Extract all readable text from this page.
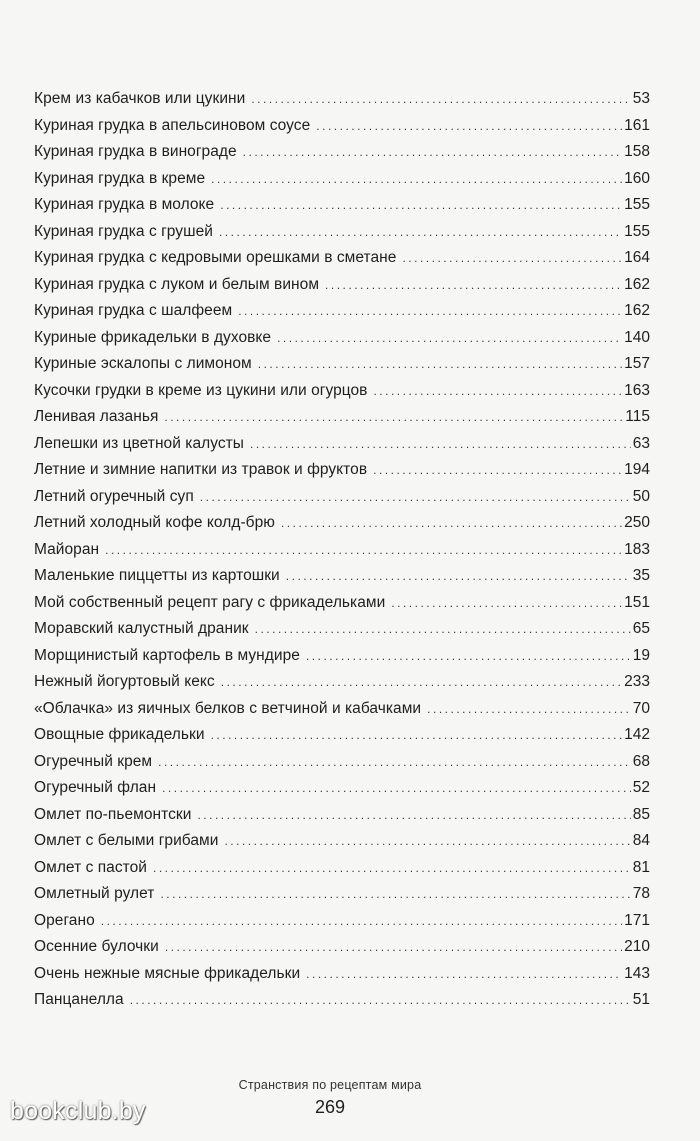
Крем из кабачков или цукини .....	53
Куриная грудка в апельсиновом соусе .....	161
Куриная грудка в винограде .....	158
Куриная грудка в креме .....	160
Куриная грудка в молоке .....	155
Куриная грудка с грушей .....	155
Куриная грудка с кедровыми орешками в сметане .....	164
Куриная грудка с луком и белым вином .....	162
Куриная грудка с шалфеем .....	162
Куриные фрикадельки в духовке .....	140
Куриные эскалопы с лимоном .....	157
Кусочки грудки в креме из цукини или огурцов .....	163
Ленивая лазанья .....	115
Лепешки из цветной калусты .....	63
Летние и зимние напитки из травок и фруктов .....	194
Летний огуречный суп .....	50
Летний холодный кофе колд-брю .....	250
Майоран .....	183
Маленькие пиццетты из картошки .....	35
Мой собственный рецепт рагу с фрикадельками .....	151
Моравский калустный драник .....	65
Морщинистый картофель в мундире .....	19
Нежный йогуртовый кекс .....	233
«Облачка» из яичных белков с ветчиной и кабачками .....	70
Овощные фрикадельки .....	142
Огуречный крем .....	68
Огуречный флан .....	52
Омлет по-пьемонтски .....	85
Омлет с белыми грибами .....	84
Омлет с пастой .....	81
Омлетный рулет .....	78
Орегано .....	171
Осенние булочки .....	210
Очень нежные мясные фрикадельки .....	143
Панцанелла .....	51
Странствия по рецептам мира
269
bookclub.by
